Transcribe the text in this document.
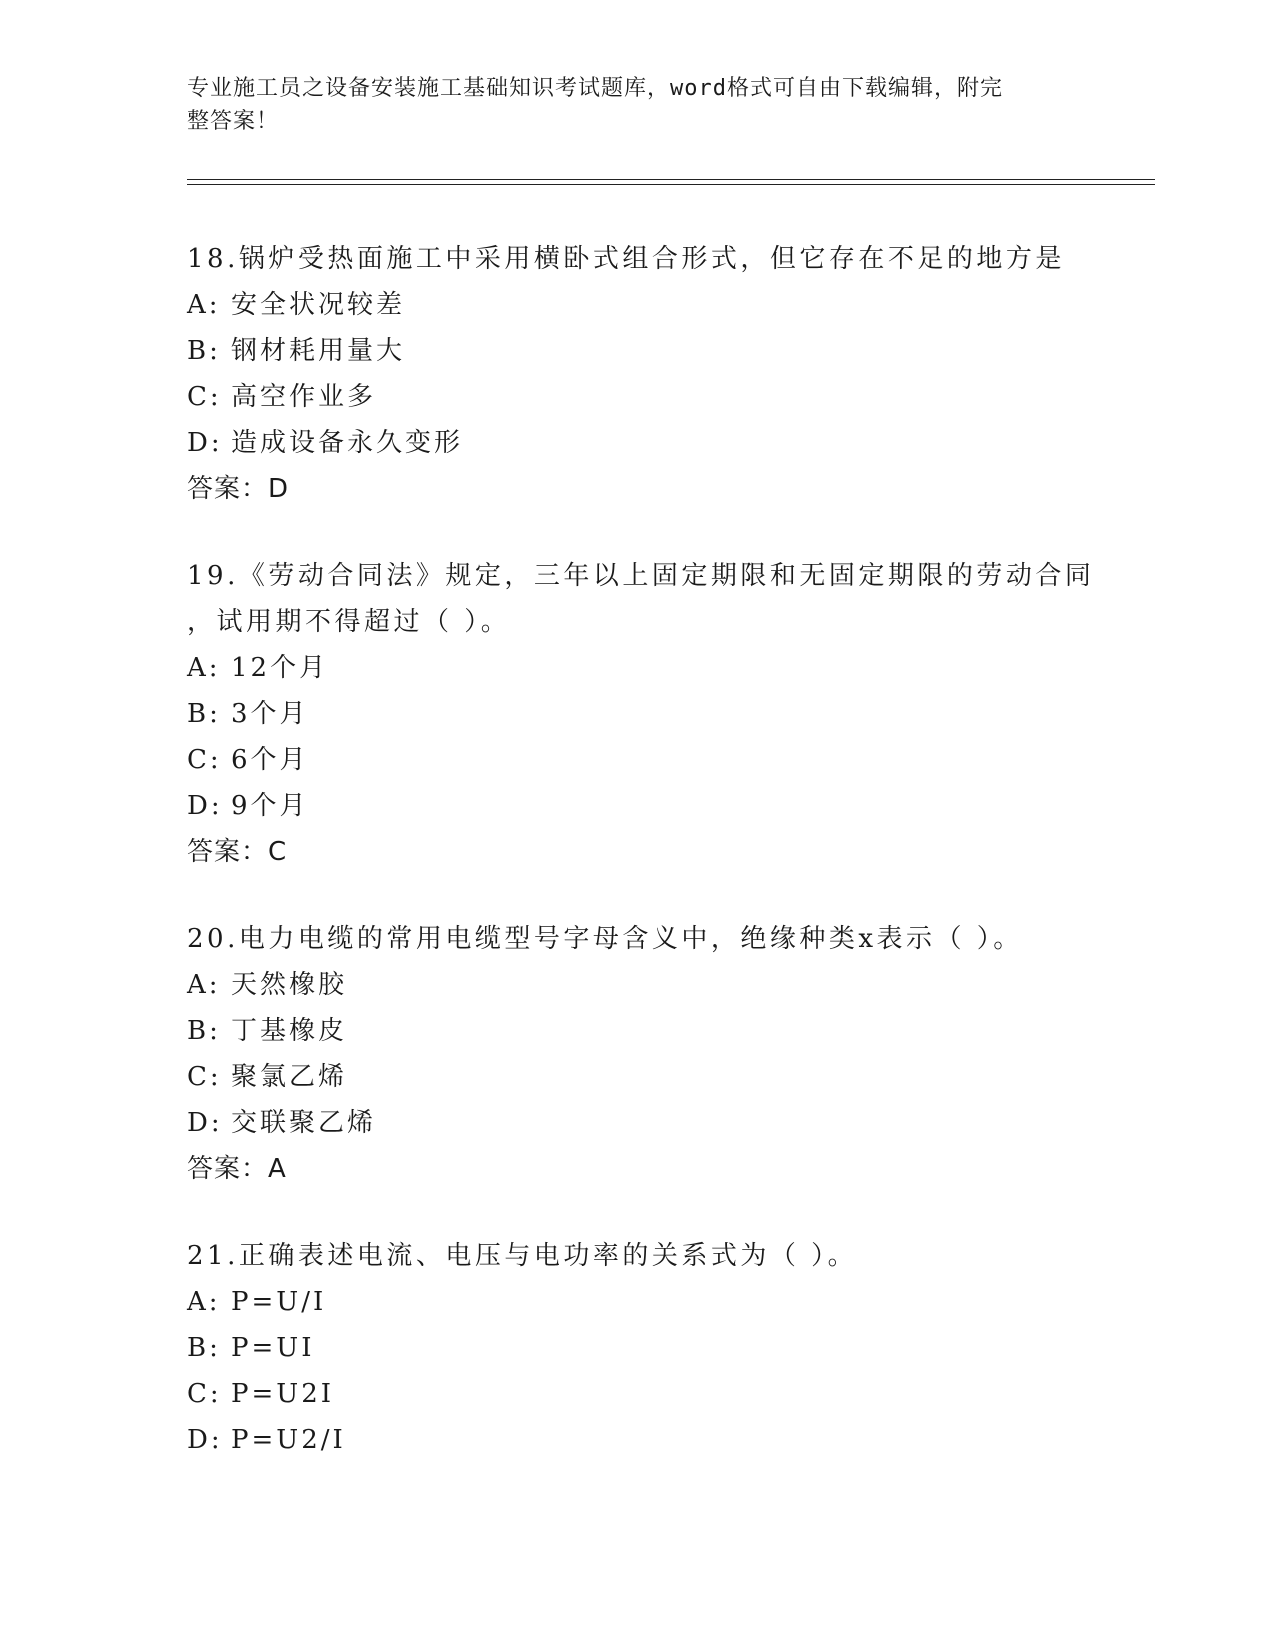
专业施工员之设备安装施工基础知识考试题库，word格式可自由下载编辑，附完
整答案！

18.锅炉受热面施工中采用横卧式组合形式，但它存在不足的地方是

A: 安全状况较差

B: 钢材耗用量大

C: 高空作业多

D: 造成设备永久变形

答案：D

19.《劳动合同法》规定，三年以上固定期限和无固定期限的劳动合同

，试用期不得超过（ ）。

A: 12个月

B: 3个月

C: 6个月

D: 9个月

答案：C

20.电力电缆的常用电缆型号字母含义中，绝缘种类x表示（ ）。

A: 天然橡胶

B: 丁基橡皮

C: 聚氯乙烯

D: 交联聚乙烯

答案：A

21.正确表述电流、电压与电功率的关系式为（ ）。

A: P=U/I

B: P=UI

C: P=U2I

D: P=U2/I
